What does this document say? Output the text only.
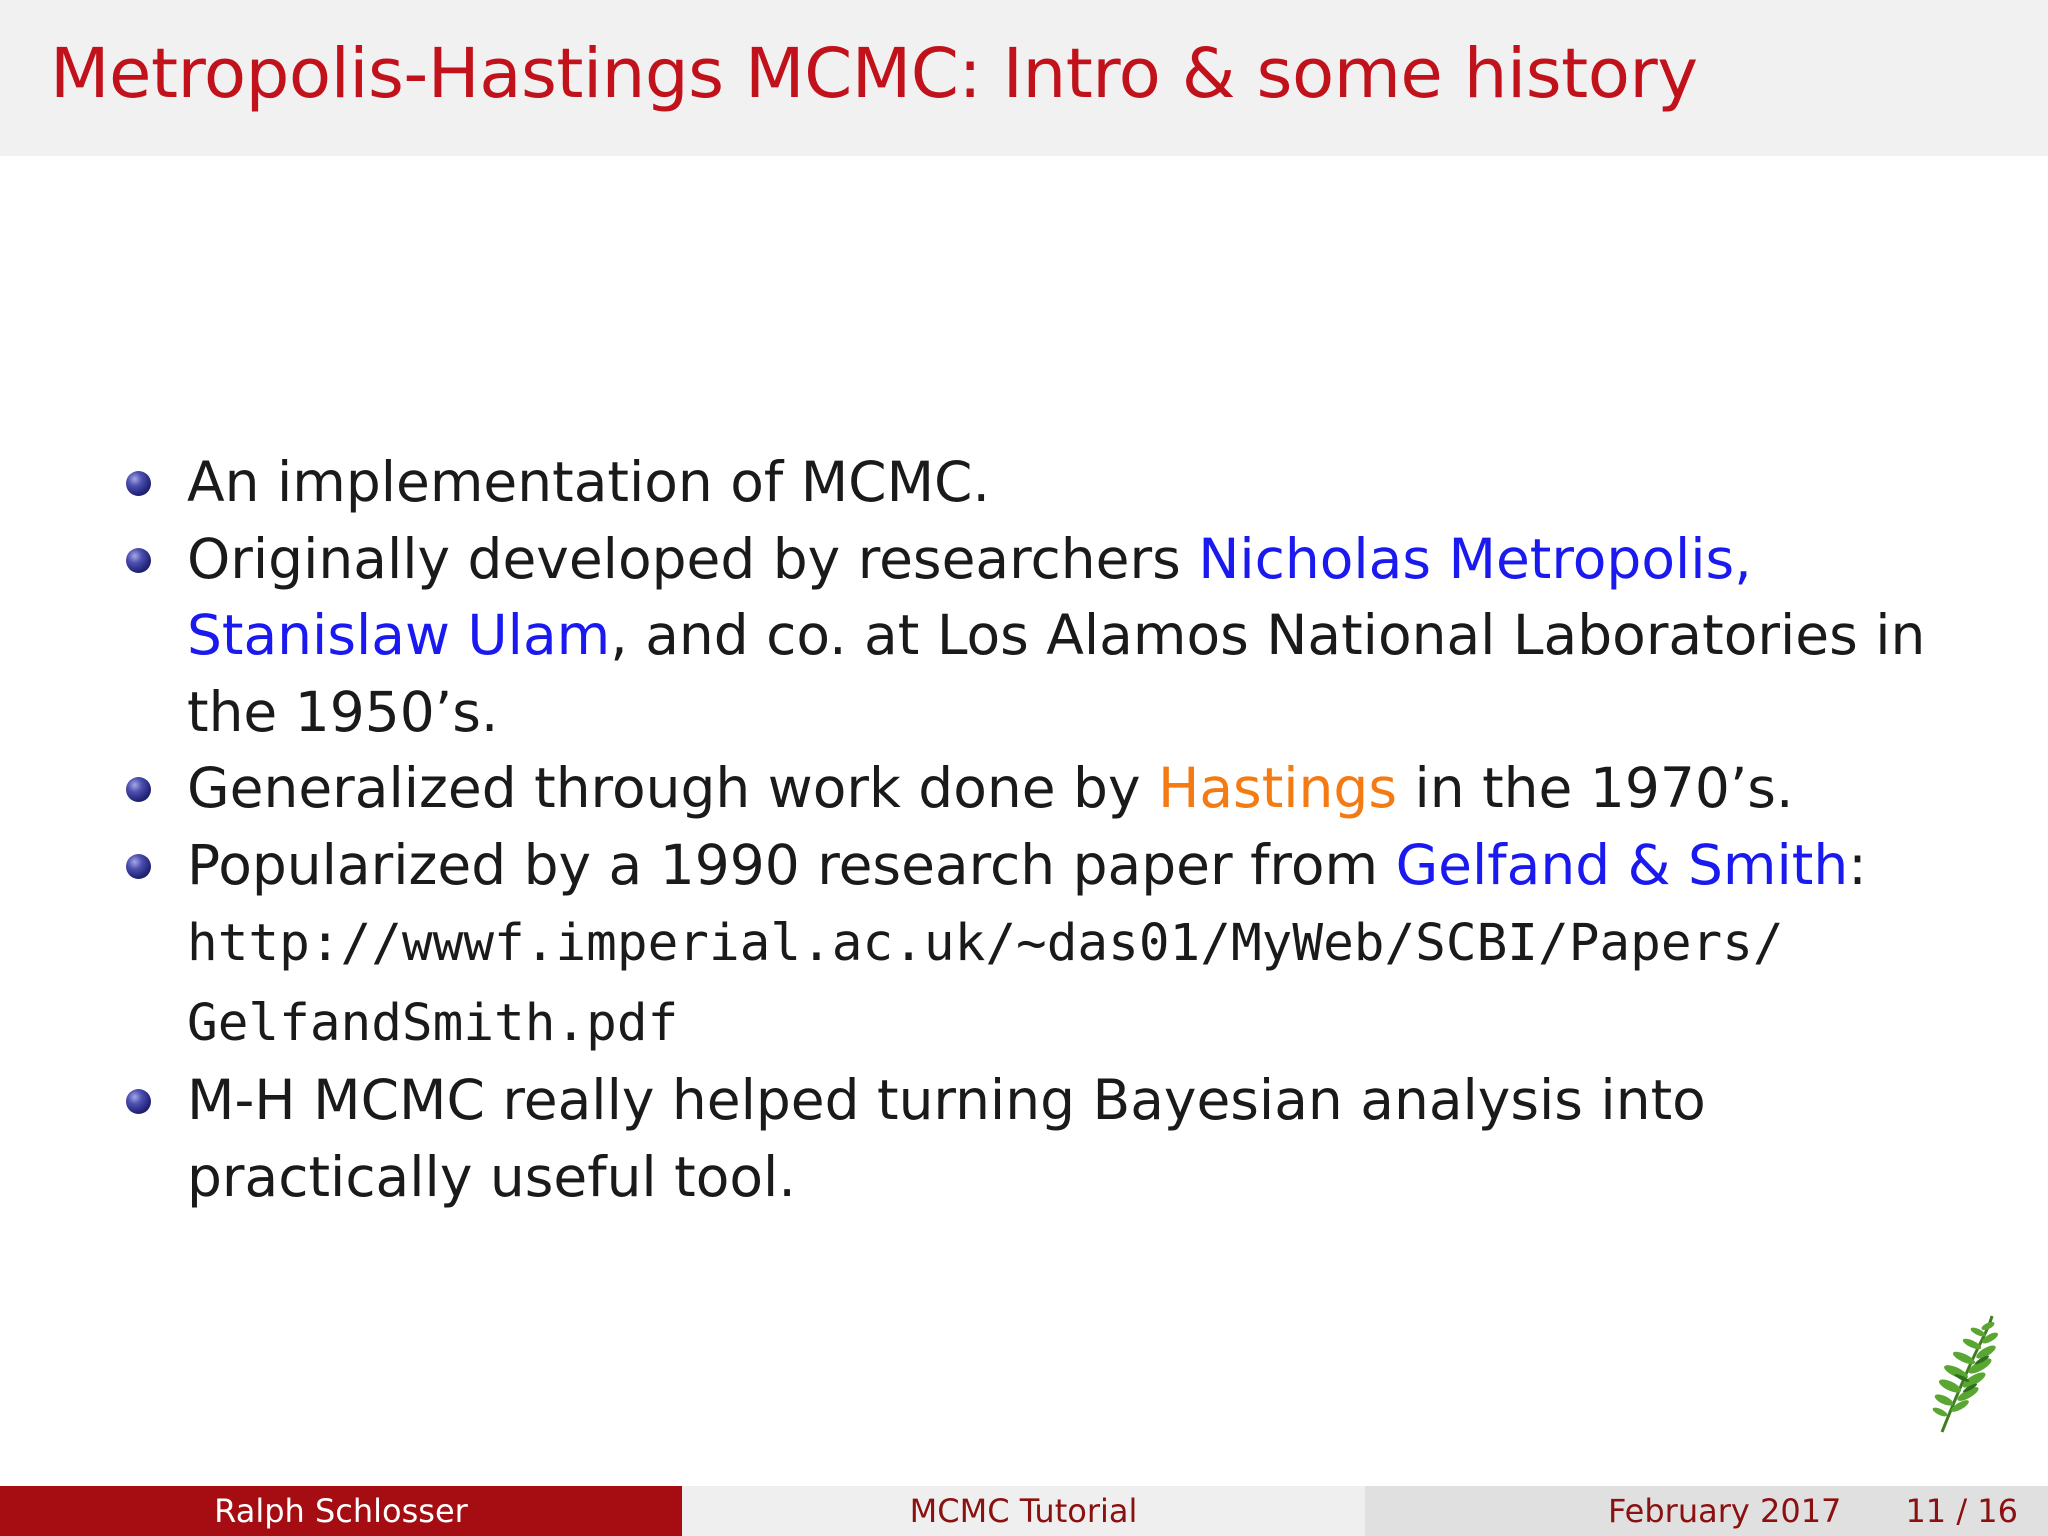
Metropolis-Hastings MCMC: Intro & some history
An implementation of MCMC.
Originally developed by researchers Nicholas Metropolis, Stanislaw Ulam, and co. at Los Alamos National Laboratories in the 1950’s.
Generalized through work done by Hastings in the 1970’s.
Popularized by a 1990 research paper from Gelfand & Smith:
http://wwwf.imperial.ac.uk/~das01/MyWeb/SCBI/Papers/
GelfandSmith.pdf
M-H MCMC really helped turning Bayesian analysis into practically useful tool.
Ralph Schlosser	MCMC Tutorial	February 2017 11 / 16
